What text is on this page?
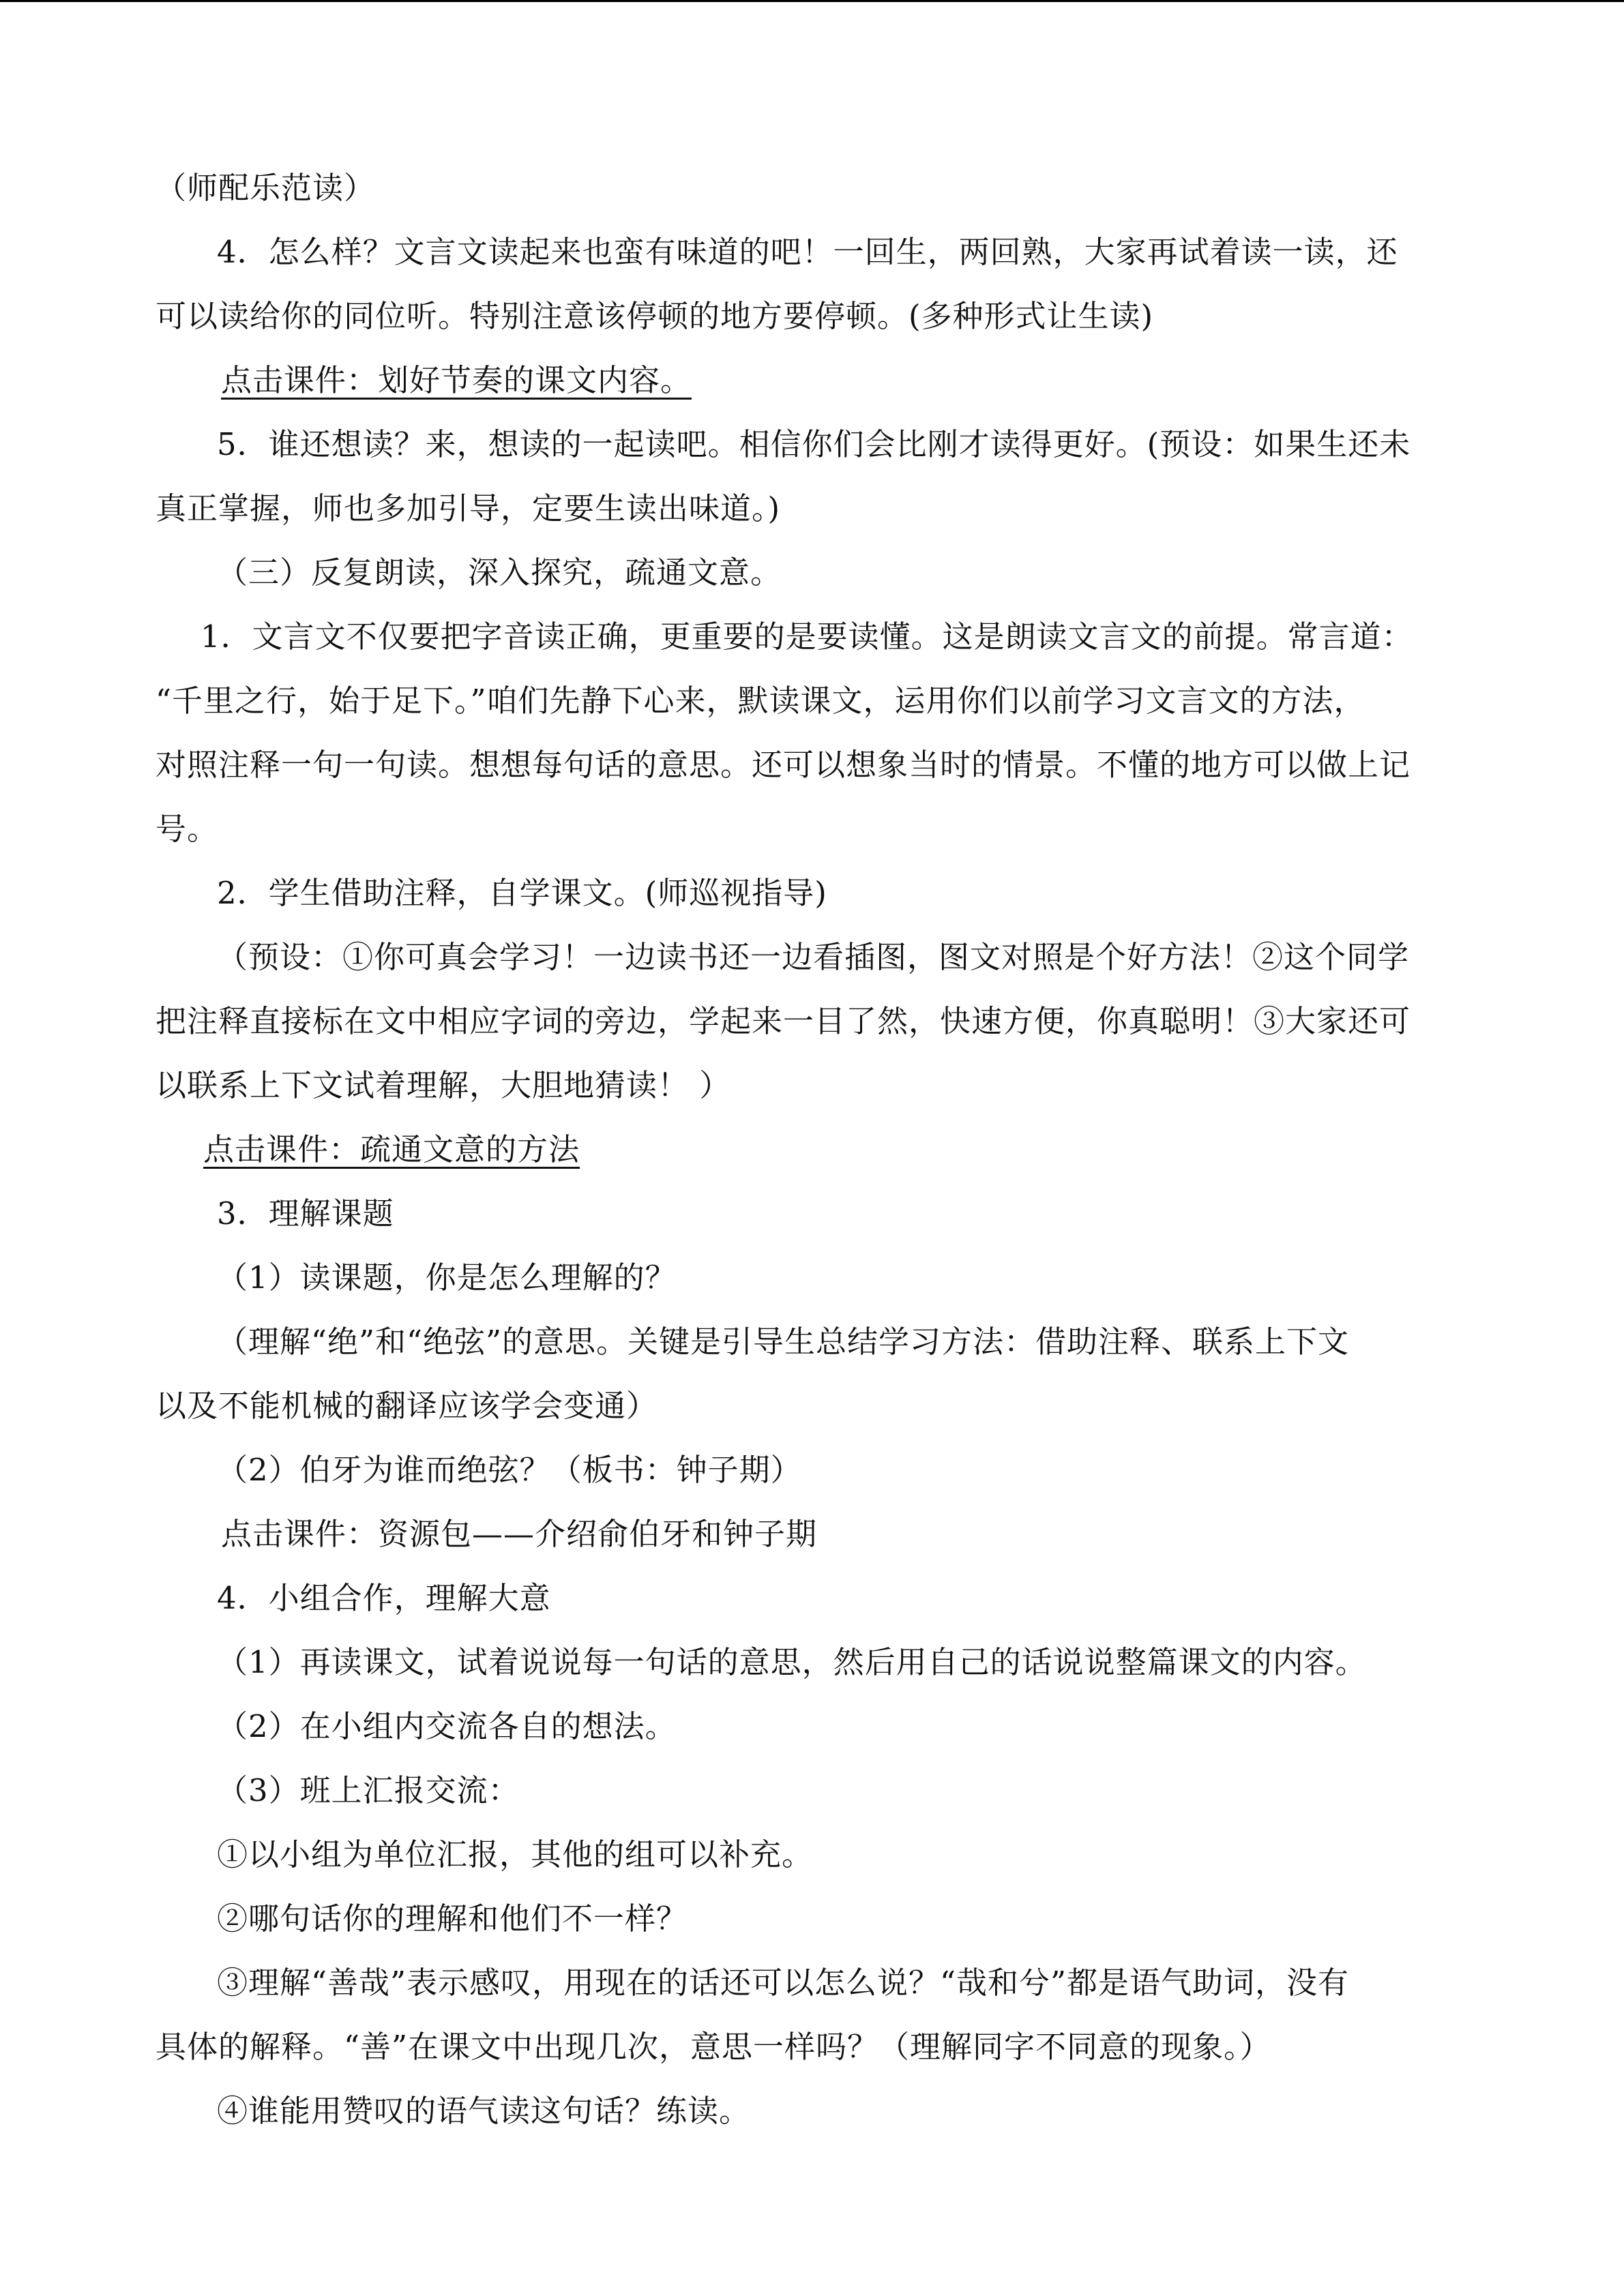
（师配乐范读）
4．怎么样？文言文读起来也蛮有味道的吧！一回生，两回熟，大家再试着读一读，还
可以读给你的同位听。特别注意该停顿的地方要停顿。(多种形式让生读)
点击课件：划好节奏的课文内容。
5．谁还想读？来，想读的一起读吧。相信你们会比刚才读得更好。(预设：如果生还未
真正掌握，师也多加引导，定要生读出味道。)
（三）反复朗读，深入探究，疏通文意。
1．文言文不仅要把字音读正确，更重要的是要读懂。这是朗读文言文的前提。常言道：
“千里之行，始于足下。”咱们先静下心来，默读课文，运用你们以前学习文言文的方法，
对照注释一句一句读。想想每句话的意思。还可以想象当时的情景。不懂的地方可以做上记
号。
2．学生借助注释，自学课文。(师巡视指导)
（预设：①你可真会学习！一边读书还一边看插图，图文对照是个好方法！②这个同学
把注释直接标在文中相应字词的旁边，学起来一目了然，快速方便，你真聪明！③大家还可
以联系上下文试着理解，大胆地猜读！ ）
点击课件：疏通文意的方法
3．理解课题
（1）读课题，你是怎么理解的？
（理解“绝”和“绝弦”的意思。关键是引导生总结学习方法：借助注释、联系上下文
以及不能机械的翻译应该学会变通）
（2）伯牙为谁而绝弦？（板书：钟子期）
点击课件：资源包——介绍俞伯牙和钟子期
4．小组合作，理解大意
（1）再读课文，试着说说每一句话的意思，然后用自己的话说说整篇课文的内容。
（2）在小组内交流各自的想法。
（3）班上汇报交流：
①以小组为单位汇报，其他的组可以补充。
②哪句话你的理解和他们不一样？
③理解“善哉”表示感叹，用现在的话还可以怎么说？“哉和兮”都是语气助词，没有
具体的解释。“善”在课文中出现几次，意思一样吗？（理解同字不同意的现象。）
④谁能用赞叹的语气读这句话？练读。
